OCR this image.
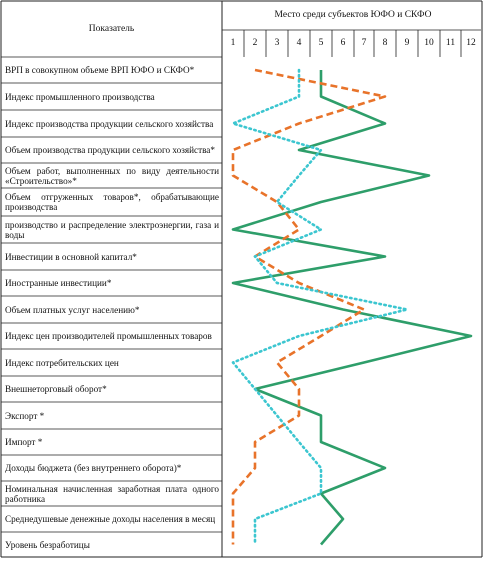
Показатель
Место среди субъектов ЮФО и СКФО
1	2	3	4	5	6	7	8	9	10	11	12
ВРП в совокупном объеме ВРП ЮФО и СКФО*
Индекс промышленного производства
Индекс производства продукции сельского хозяйства
Объем производства продукции сельского хозяйства*
Объем работ, выполненных по виду деятельности «Строительство»*
Объем отгруженных товаров*, обрабатывающие производства
производство и распределение электроэнергии, газа и воды
Инвестиции в основной капитал*
Иностранные инвестиции*
Объем платных услуг населению*
Индекс цен производителей промышленных товаров
Индекс потребительских цен
Внешнеторговый оборот*
Экспорт *
Импорт *
Доходы бюджета (без внутреннего оборота)*
Номинальная начисленная заработная плата одного работника
Среднедушевые денежные доходы населения в месяц
Уровень безработицы
